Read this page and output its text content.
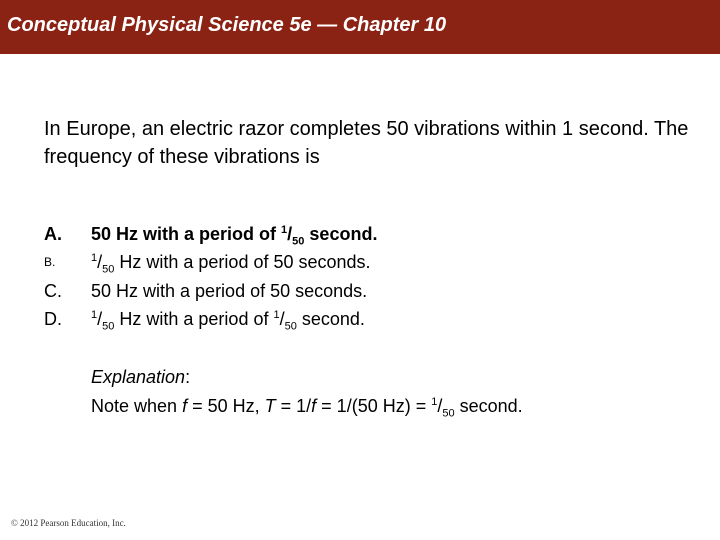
Conceptual Physical Science 5e — Chapter 10
In Europe, an electric razor completes 50 vibrations within 1 second. The frequency of these vibrations is
A. 50 Hz with a period of $^1/_{50}$ second.
B.	$^1/_{50}$ Hz with a period of 50 seconds.
C. 50 Hz with a period of 50 seconds.
D.	$^1/_{50}$ Hz with a period of $^1/_{50}$ second.
Explanation:
Note when f = 50 Hz, T = 1/f = 1/(50 $Hz) = ^1/_{50}$ second.
© 2012 Pearson Education, Inc.
